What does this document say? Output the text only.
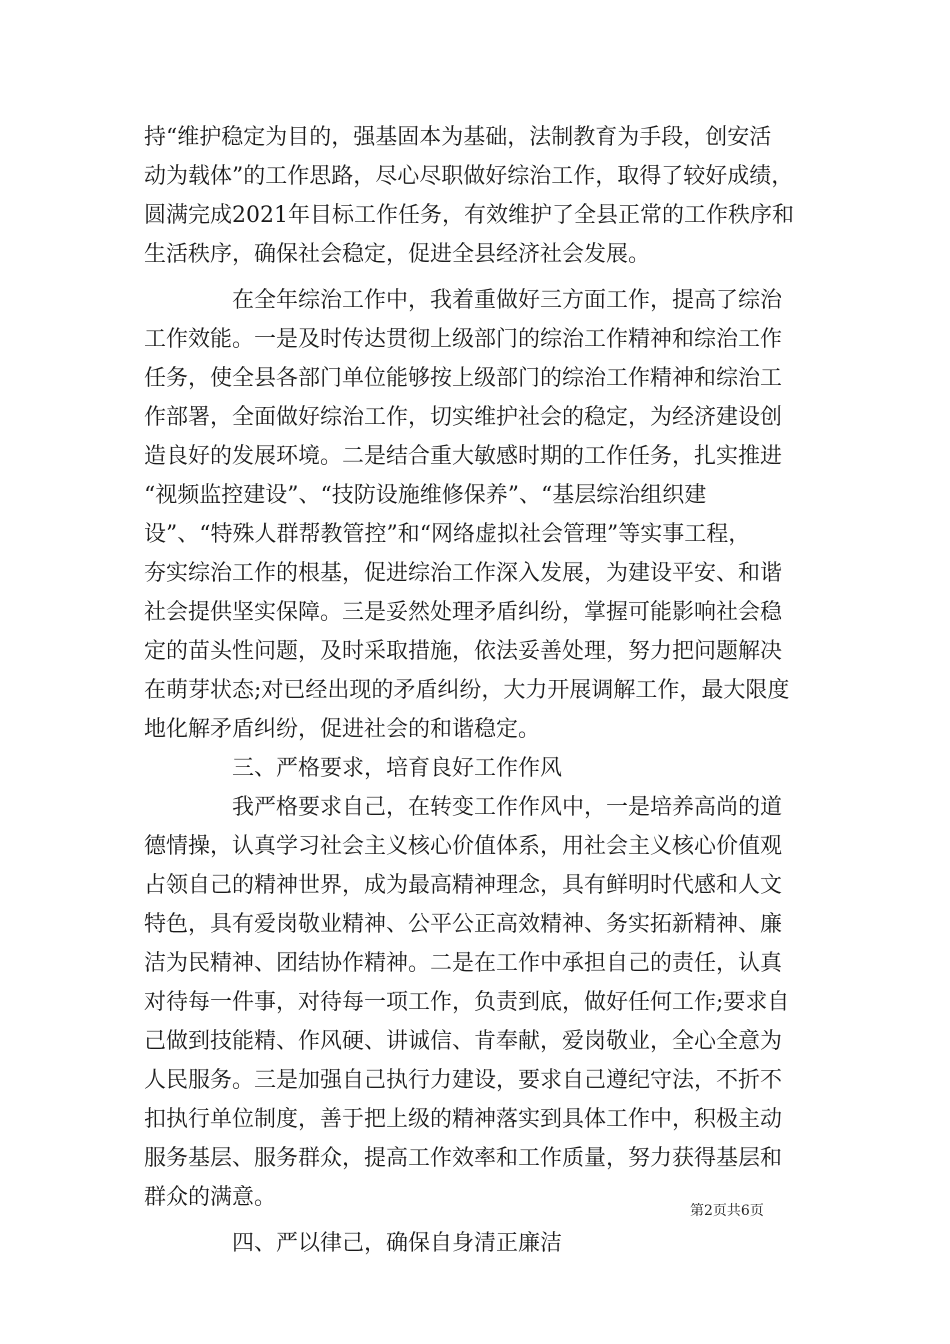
持“维护稳定为目的，强基固本为基础，法制教育为手段，创安活
动为载体”的工作思路，尽心尽职做好综治工作，取得了较好成绩，
圆满完成2021年目标工作任务，有效维护了全县正常的工作秩序和
生活秩序，确保社会稳定，促进全县经济社会发展。
在全年综治工作中，我着重做好三方面工作，提高了综治
工作效能。一是及时传达贯彻上级部门的综治工作精神和综治工作
任务，使全县各部门单位能够按上级部门的综治工作精神和综治工
作部署，全面做好综治工作，切实维护社会的稳定，为经济建设创
造良好的发展环境。二是结合重大敏感时期的工作任务，扎实推进
“视频监控建设”、“技防设施维修保养”、“基层综治组织建
设”、“特殊人群帮教管控”和“网络虚拟社会管理”等实事工程，
夯实综治工作的根基，促进综治工作深入发展，为建设平安、和谐
社会提供坚实保障。三是妥然处理矛盾纠纷，掌握可能影响社会稳
定的苗头性问题，及时采取措施，依法妥善处理，努力把问题解决
在萌芽状态;对已经出现的矛盾纠纷，大力开展调解工作，最大限度
地化解矛盾纠纷，促进社会的和谐稳定。
三、严格要求，培育良好工作作风
我严格要求自己，在转变工作作风中，一是培养高尚的道
德情操，认真学习社会主义核心价值体系，用社会主义核心价值观
占领自己的精神世界，成为最高精神理念，具有鲜明时代感和人文
特色，具有爱岗敬业精神、公平公正高效精神、务实拓新精神、廉
洁为民精神、团结协作精神。二是在工作中承担自己的责任，认真
对待每一件事，对待每一项工作，负责到底，做好任何工作;要求自
己做到技能精、作风硬、讲诚信、肯奉献，爱岗敬业，全心全意为
人民服务。三是加强自己执行力建设，要求自己遵纪守法，不折不
扣执行单位制度，善于把上级的精神落实到具体工作中，积极主动
服务基层、服务群众，提高工作效率和工作质量，努力获得基层和
群众的满意。
四、严以律己，确保自身清正廉洁
第2页共6页
